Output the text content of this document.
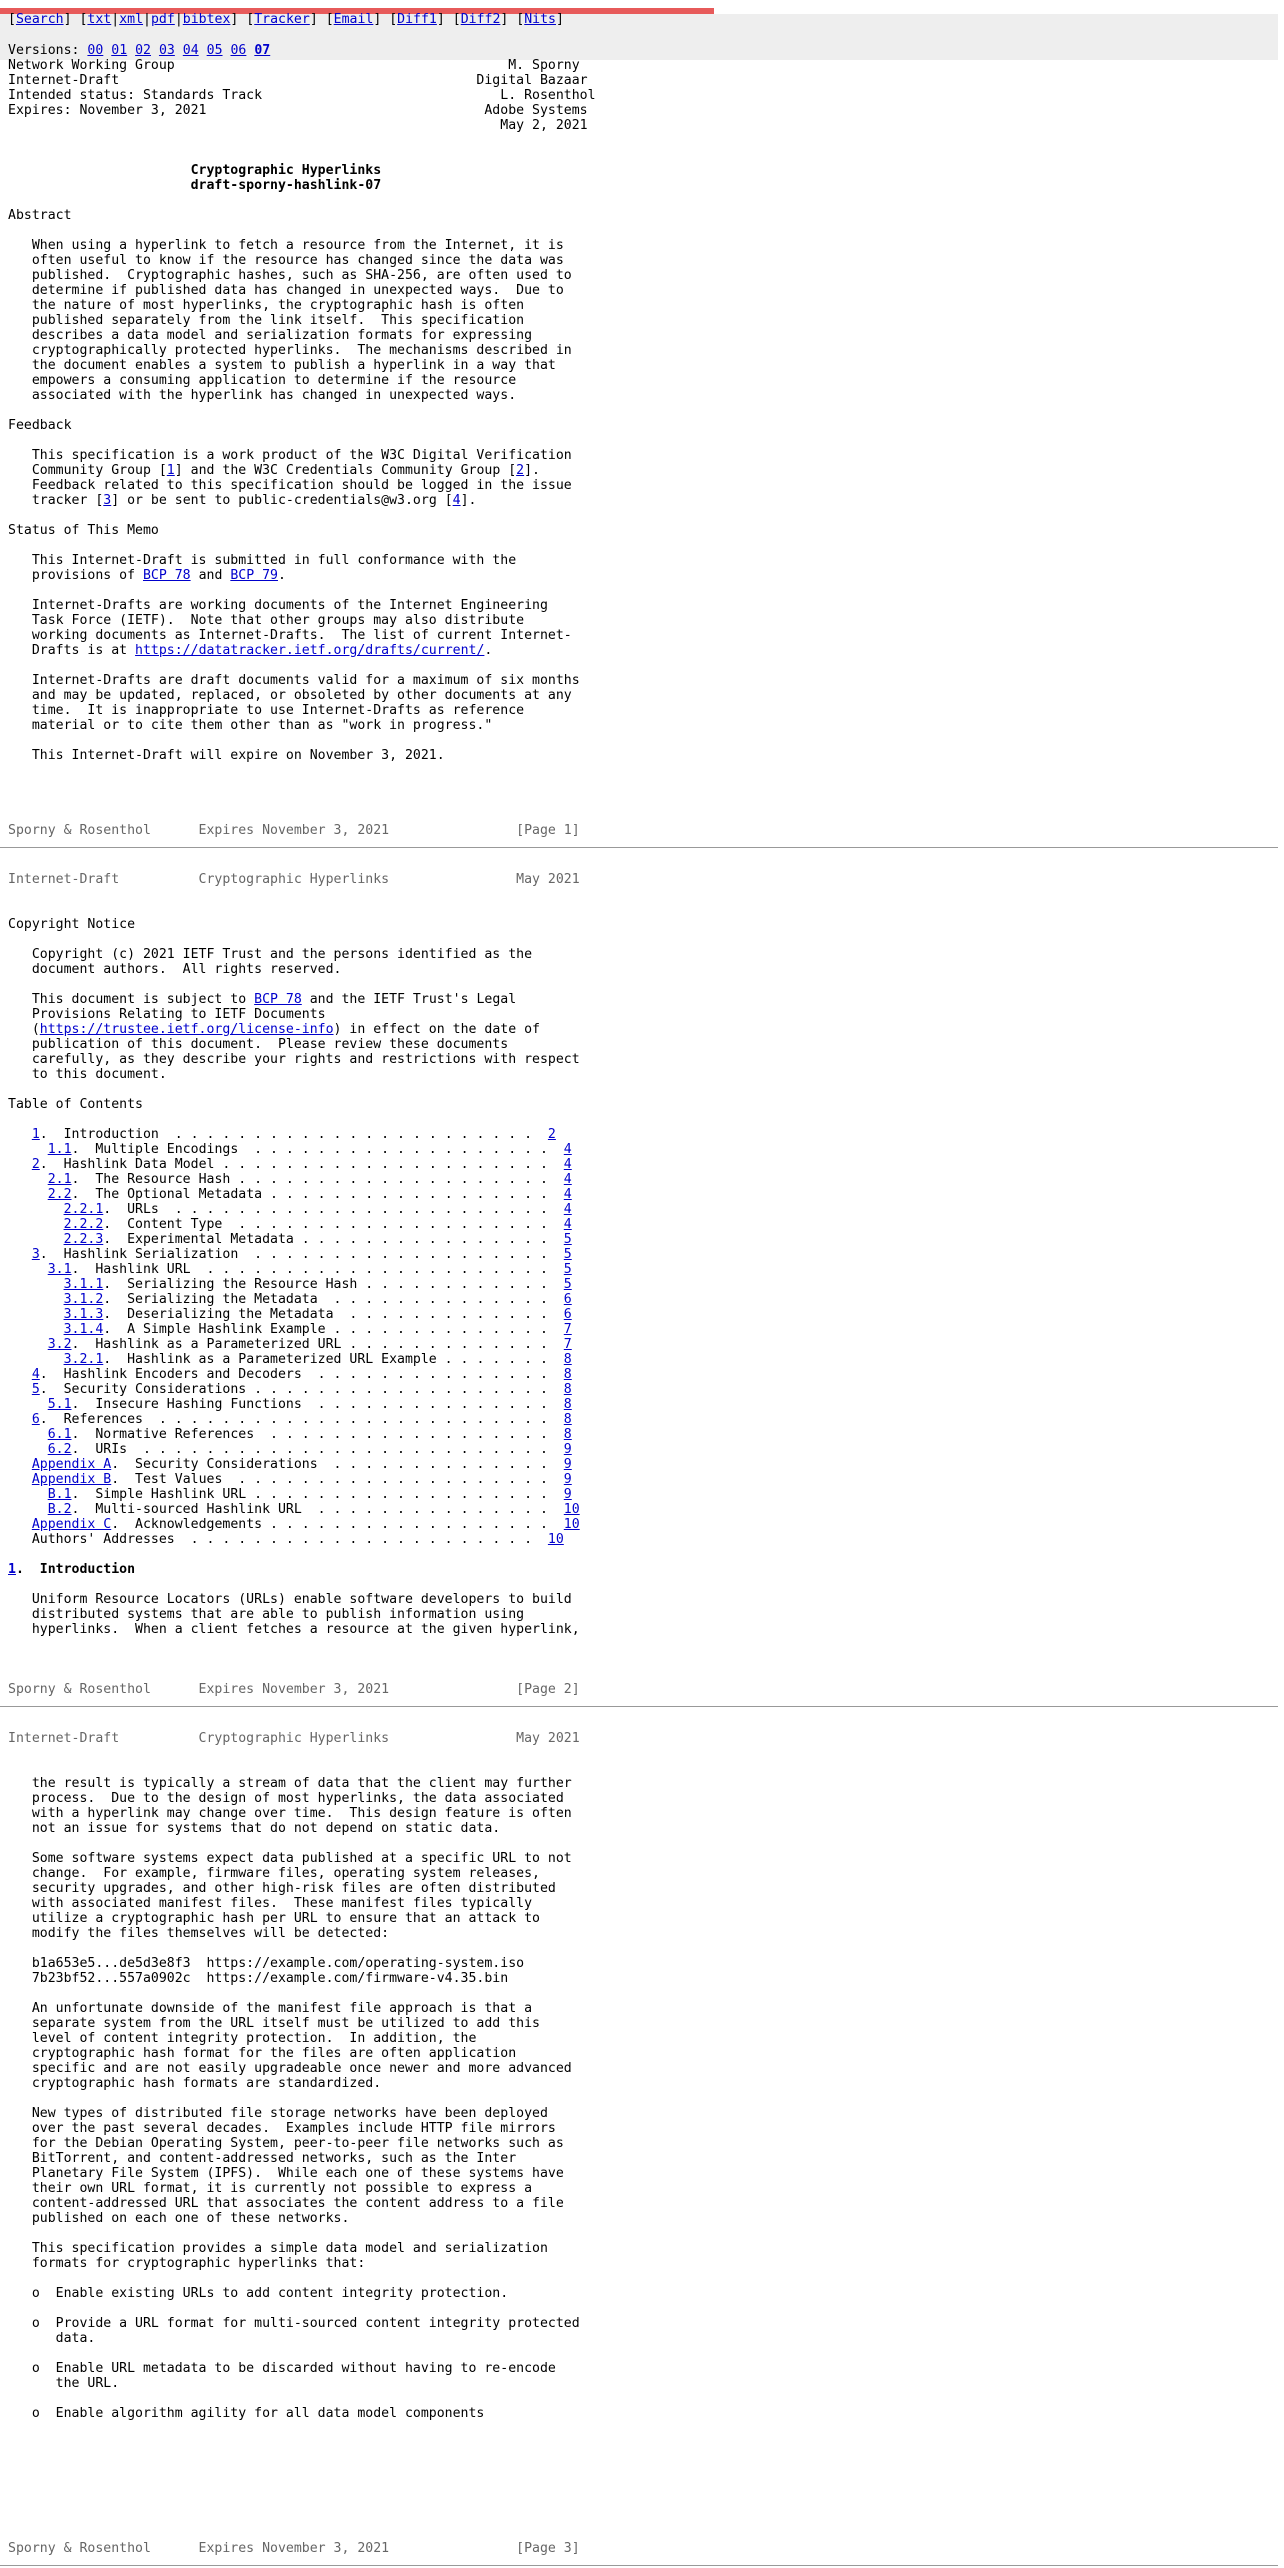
[Search] [txt|xml|pdf|bibtex] [Tracker] [Email] [Diff1] [Diff2] [Nits]
Versions: 00 01 02 03 04 05 06 07
Network Working Group                                          M. Sporny
Internet-Draft                                             Digital Bazaar
Intended status: Standards Track                              L. Rosenthol
Expires: November 3, 2021                                   Adobe Systems
May 2, 2021
Cryptographic Hyperlinks
draft-sporny-hashlink-07
Abstract
When using a hyperlink to fetch a resource from the Internet, it is
often useful to know if the resource has changed since the data was
published.  Cryptographic hashes, such as SHA-256, are often used to
determine if published data has changed in unexpected ways.  Due to
the nature of most hyperlinks, the cryptographic hash is often
published separately from the link itself.  This specification
describes a data model and serialization formats for expressing
cryptographically protected hyperlinks.  The mechanisms described in
the document enables a system to publish a hyperlink in a way that
empowers a consuming application to determine if the resource
associated with the hyperlink has changed in unexpected ways.
Feedback
This specification is a work product of the W3C Digital Verification
Community Group [1] and the W3C Credentials Community Group [2].
Feedback related to this specification should be logged in the issue
tracker [3] or be sent to public-credentials@w3.org [4].
Status of This Memo
This Internet-Draft is submitted in full conformance with the
provisions of BCP 78 and BCP 79.
Internet-Drafts are working documents of the Internet Engineering
Task Force (IETF).  Note that other groups may also distribute
working documents as Internet-Drafts.  The list of current Internet-
Drafts is at https://datatracker.ietf.org/drafts/current/.
Internet-Drafts are draft documents valid for a maximum of six months
and may be updated, replaced, or obsoleted by other documents at any
time.  It is inappropriate to use Internet-Drafts as reference
material or to cite them other than as "work in progress."
This Internet-Draft will expire on November 3, 2021.
Sporny & Rosenthol      Expires November 3, 2021	[Page 1]
Internet-Draft          Cryptographic Hyperlinks                May 2021
Copyright Notice
Copyright (c) 2021 IETF Trust and the persons identified as the
document authors.  All rights reserved.
This document is subject to BCP 78 and the IETF Trust's Legal
Provisions Relating to IETF Documents
(https://trustee.ietf.org/license-info) in effect on the date of
publication of this document.  Please review these documents
carefully, as they describe your rights and restrictions with respect
to this document.
Table of Contents
1.  Introduction  . . . . . . . . . . . . . . . . . . . . . . .  2
1.1.  Multiple Encodings  . . . . . . . . . . . . . . . . . . .  4
2.  Hashlink Data Model . . . . . . . . . . . . . . . . . . . . .  4
2.1.  The Resource Hash . . . . . . . . . . . . . . . . . . . .  4
2.2.  The Optional Metadata . . . . . . . . . . . . . . . . . .  4
2.2.1.  URLs  . . . . . . . . . . . . . . . . . . . . . . . .  4
2.2.2.  Content Type  . . . . . . . . . . . . . . . . . . . .  4
2.2.3.  Experimental Metadata . . . . . . . . . . . . . . . .  5
3.  Hashlink Serialization  . . . . . . . . . . . . . . . . . . .  5
3.1.  Hashlink URL  . . . . . . . . . . . . . . . . . . . . . .  5
3.1.1.  Serializing the Resource Hash . . . . . . . . . . . .  5
3.1.2.  Serializing the Metadata  . . . . . . . . . . . . . .  6
3.1.3.  Deserializing the Metadata  . . . . . . . . . . . . .  6
3.1.4.  A Simple Hashlink Example . . . . . . . . . . . . . .  7
3.2.  Hashlink as a Parameterized URL . . . . . . . . . . . . .  7
3.2.1.  Hashlink as a Parameterized URL Example . . . . . . .  8
4.  Hashlink Encoders and Decoders  . . . . . . . . . . . . . . .  8
5.  Security Considerations . . . . . . . . . . . . . . . . . . .  8
5.1.  Insecure Hashing Functions  . . . . . . . . . . . . . . .  8
6.  References  . . . . . . . . . . . . . . . . . . . . . . . . .  8
6.1.  Normative References  . . . . . . . . . . . . . . . . . .  8
6.2.  URIs  . . . . . . . . . . . . . . . . . . . . . . . . . .  9
Appendix A.  Security Considerations  . . . . . . . . . . . . . .  9
Appendix B.  Test Values  . . . . . . . . . . . . . . . . . . . .  9
B.1.  Simple Hashlink URL . . . . . . . . . . . . . . . . . . .  9
B.2.  Multi-sourced Hashlink URL  . . . . . . . . . . . . . . .  10
Appendix C.  Acknowledgements . . . . . . . . . . . . . . . . . .  10
Authors' Addresses  . . . . . . . . . . . . . . . . . . . . . .  10
1.  Introduction
Uniform Resource Locators (URLs) enable software developers to build
distributed systems that are able to publish information using
hyperlinks.  When a client fetches a resource at the given hyperlink,
Sporny & Rosenthol      Expires November 3, 2021	[Page 2]
Internet-Draft          Cryptographic Hyperlinks                May 2021
the result is typically a stream of data that the client may further
process.  Due to the design of most hyperlinks, the data associated
with a hyperlink may change over time.  This design feature is often
not an issue for systems that do not depend on static data.
Some software systems expect data published at a specific URL to not
change.  For example, firmware files, operating system releases,
security upgrades, and other high-risk files are often distributed
with associated manifest files.  These manifest files typically
utilize a cryptographic hash per URL to ensure that an attack to
modify the files themselves will be detected:
b1a653e5...de5d3e8f3  https://example.com/operating-system.iso
7b23bf52...557a0902c  https://example.com/firmware-v4.35.bin
An unfortunate downside of the manifest file approach is that a
separate system from the URL itself must be utilized to add this
level of content integrity protection.  In addition, the
cryptographic hash format for the files are often application
specific and are not easily upgradeable once newer and more advanced
cryptographic hash formats are standardized.
New types of distributed file storage networks have been deployed
over the past several decades.  Examples include HTTP file mirrors
for the Debian Operating System, peer-to-peer file networks such as
BitTorrent, and content-addressed networks, such as the Inter
Planetary File System (IPFS).  While each one of these systems have
their own URL format, it is currently not possible to express a
content-addressed URL that associates the content address to a file
published on each one of these networks.
This specification provides a simple data model and serialization
formats for cryptographic hyperlinks that:
o  Enable existing URLs to add content integrity protection.
o  Provide a URL format for multi-sourced content integrity protected
data.
o  Enable URL metadata to be discarded without having to re-encode
the URL.
o  Enable algorithm agility for all data model components
Sporny & Rosenthol      Expires November 3, 2021	[Page 3]
